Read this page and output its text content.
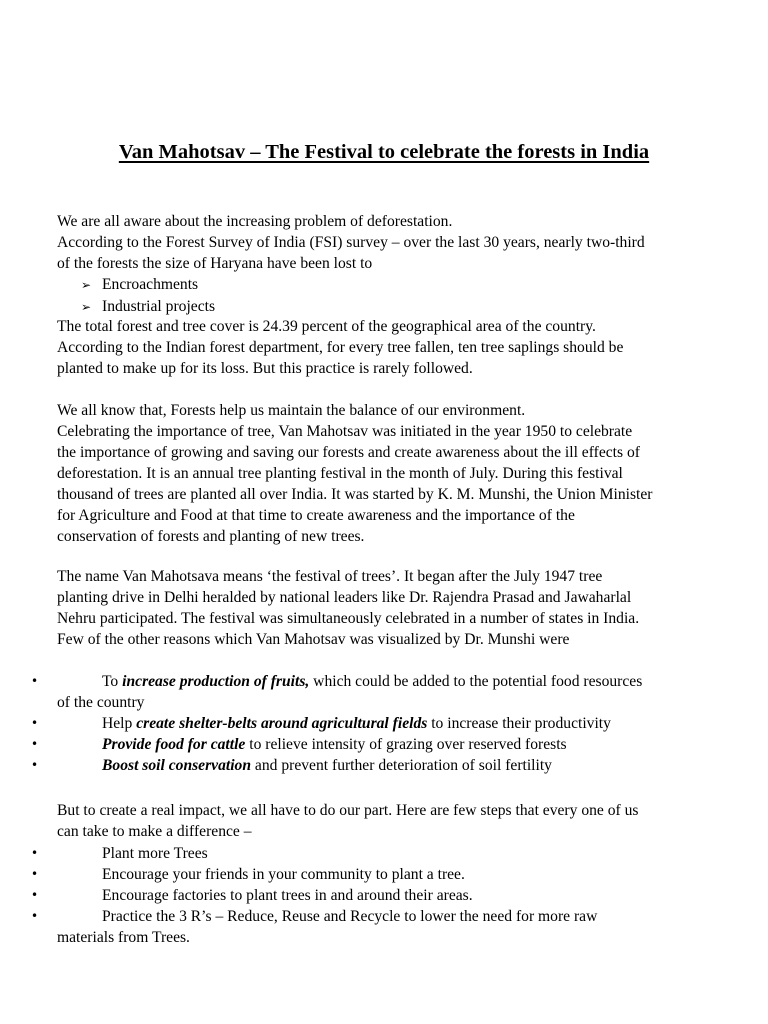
Van Mahotsav – The Festival to celebrate the forests in India

We are all aware about the increasing problem of deforestation.
According to the Forest Survey of India (FSI) survey – over the last 30 years, nearly two-third
of the forests the size of Haryana have been lost to

➢ Encroachments
➢ Industrial projects

The total forest and tree cover is 24.39 percent of the geographical area of the country.
According to the Indian forest department, for every tree fallen, ten tree saplings should be
planted to make up for its loss. But this practice is rarely followed.

We all know that, Forests help us maintain the balance of our environment.
Celebrating the importance of tree, Van Mahotsav was initiated in the year 1950 to celebrate
the importance of growing and saving our forests and create awareness about the ill effects of
deforestation. It is an annual tree planting festival in the month of July. During this festival
thousand of trees are planted all over India. It was started by K. M. Munshi, the Union Minister
for Agriculture and Food at that time to create awareness and the importance of the
conservation of forests and planting of new trees.

The name Van Mahotsava means ‘the festival of trees’. It began after the July 1947 tree
planting drive in Delhi heralded by national leaders like Dr. Rajendra Prasad and Jawaharlal
Nehru participated. The festival was simultaneously celebrated in a number of states in India.
Few of the other reasons which Van Mahotsav was visualized by Dr. Munshi were

•	To increase production of fruits, which could be added to the potential food resources
of the country
•	Help create shelter-belts around agricultural fields to increase their productivity
•	Provide food for cattle to relieve intensity of grazing over reserved forests
•	Boost soil conservation and prevent further deterioration of soil fertility

But to create a real impact, we all have to do our part. Here are few steps that every one of us
can take to make a difference –

•	Plant more Trees
•	Encourage your friends in your community to plant a tree.
•	Encourage factories to plant trees in and around their areas.
•	Practice the 3 R’s – Reduce, Reuse and Recycle to lower the need for more raw
materials from Trees.
